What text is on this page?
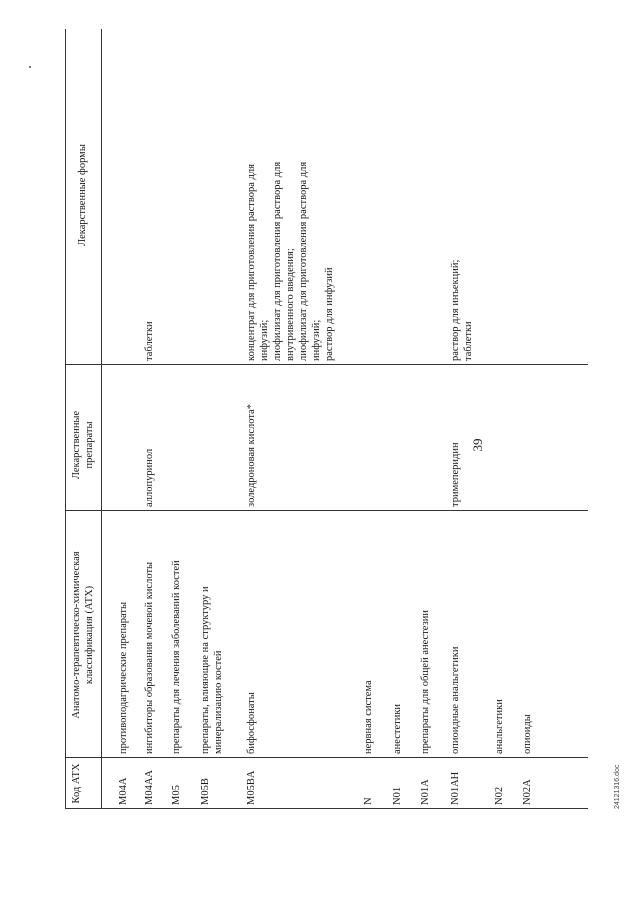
39
Код АТХ
Анатомо-терапевтическо-химическая классификация (АТХ)
Лекарственные препараты
Лекарственные формы
M04A
противоподагрические препараты
M04AA
ингибиторы образования мочевой кислоты
аллопуринол
таблетки
M05
препараты для лечения заболеваний костей
M05B
препараты, влияющие на структуру и
минерализацию костей
M05BA
бифосфонаты
золедроновая кислота*
концентрат для приготовления раствора для
инфузий;
лиофилизат для приготовления раствора для
внутривенного введения;
лиофилизат для приготовления раствора для
инфузий;
раствор для инфузий
N
нервная система
N01
анестетики
N01A
препараты для общей анестезии
N01AH
опиоидные анальгетики
тримеперидин
раствор для инъекций;
таблетки
N02
анальгетики
N02A
опиоиды
24121316.doc
